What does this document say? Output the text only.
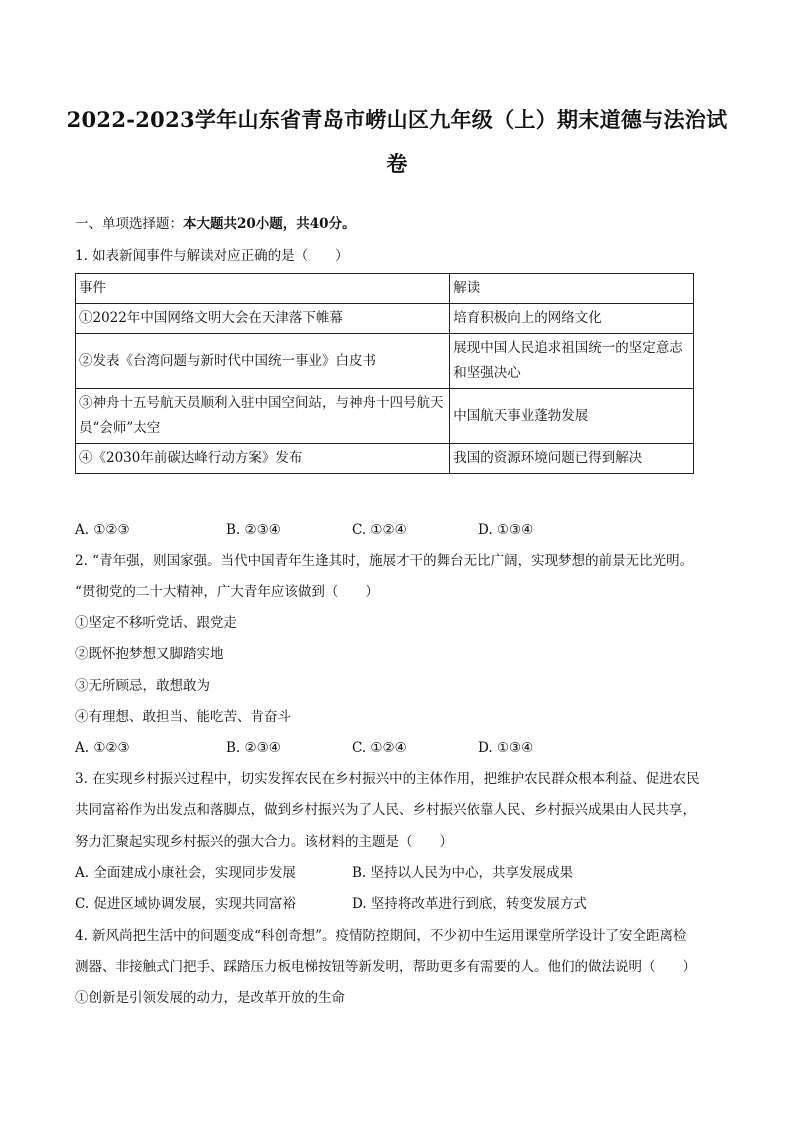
2022-2023学年山东省青岛市崂山区九年级（上）期末道德与法治试
卷
一、单项选择题：本大题共20小题，共40分。
1. 如表新闻事件与解读对应正确的是（　　）
事件	解读
①2022年中国网络文明大会在天津落下帷幕	培育积极向上的网络文化
②发表《台湾问题与新时代中国统一事业》白皮书	展现中国人民追求祖国统一的坚定意志和坚强决心
③神舟十五号航天员顺利入驻中国空间站，与神舟十四号航天员“会师”太空	中国航天事业蓬勃发展
④《2030年前碳达峰行动方案》发布	我国的资源环境问题已得到解决
A. ①②③	B. ②③④	C. ①②④	D. ①③④
2. “青年强，则国家强。当代中国青年生逢其时，施展才干的舞台无比广阔，实现梦想的前景无比光明。
“贯彻党的二十大精神，广大青年应该做到（　　）
①坚定不移听党话、跟党走
②既怀抱梦想又脚踏实地
③无所顾忌，敢想敢为
④有理想、敢担当、能吃苦、肯奋斗
A. ①②③	B. ②③④	C. ①②④	D. ①③④
3. 在实现乡村振兴过程中，切实发挥农民在乡村振兴中的主体作用，把维护农民群众根本利益、促进农民
共同富裕作为出发点和落脚点，做到乡村振兴为了人民、乡村振兴依靠人民、乡村振兴成果由人民共享，
努力汇聚起实现乡村振兴的强大合力。该材料的主题是（　　）
A. 全面建成小康社会，实现同步发展	B. 坚持以人民为中心，共享发展成果
C. 促进区域协调发展，实现共同富裕	D. 坚持将改革进行到底，转变发展方式
4. 新风尚把生活中的问题变成“科创奇想”。疫情防控期间，不少初中生运用课堂所学设计了安全距离检
测器、非接触式门把手、踩踏压力板电梯按钮等新发明，帮助更多有需要的人。他们的做法说明（　　）
①创新是引领发展的动力，是改革开放的生命
